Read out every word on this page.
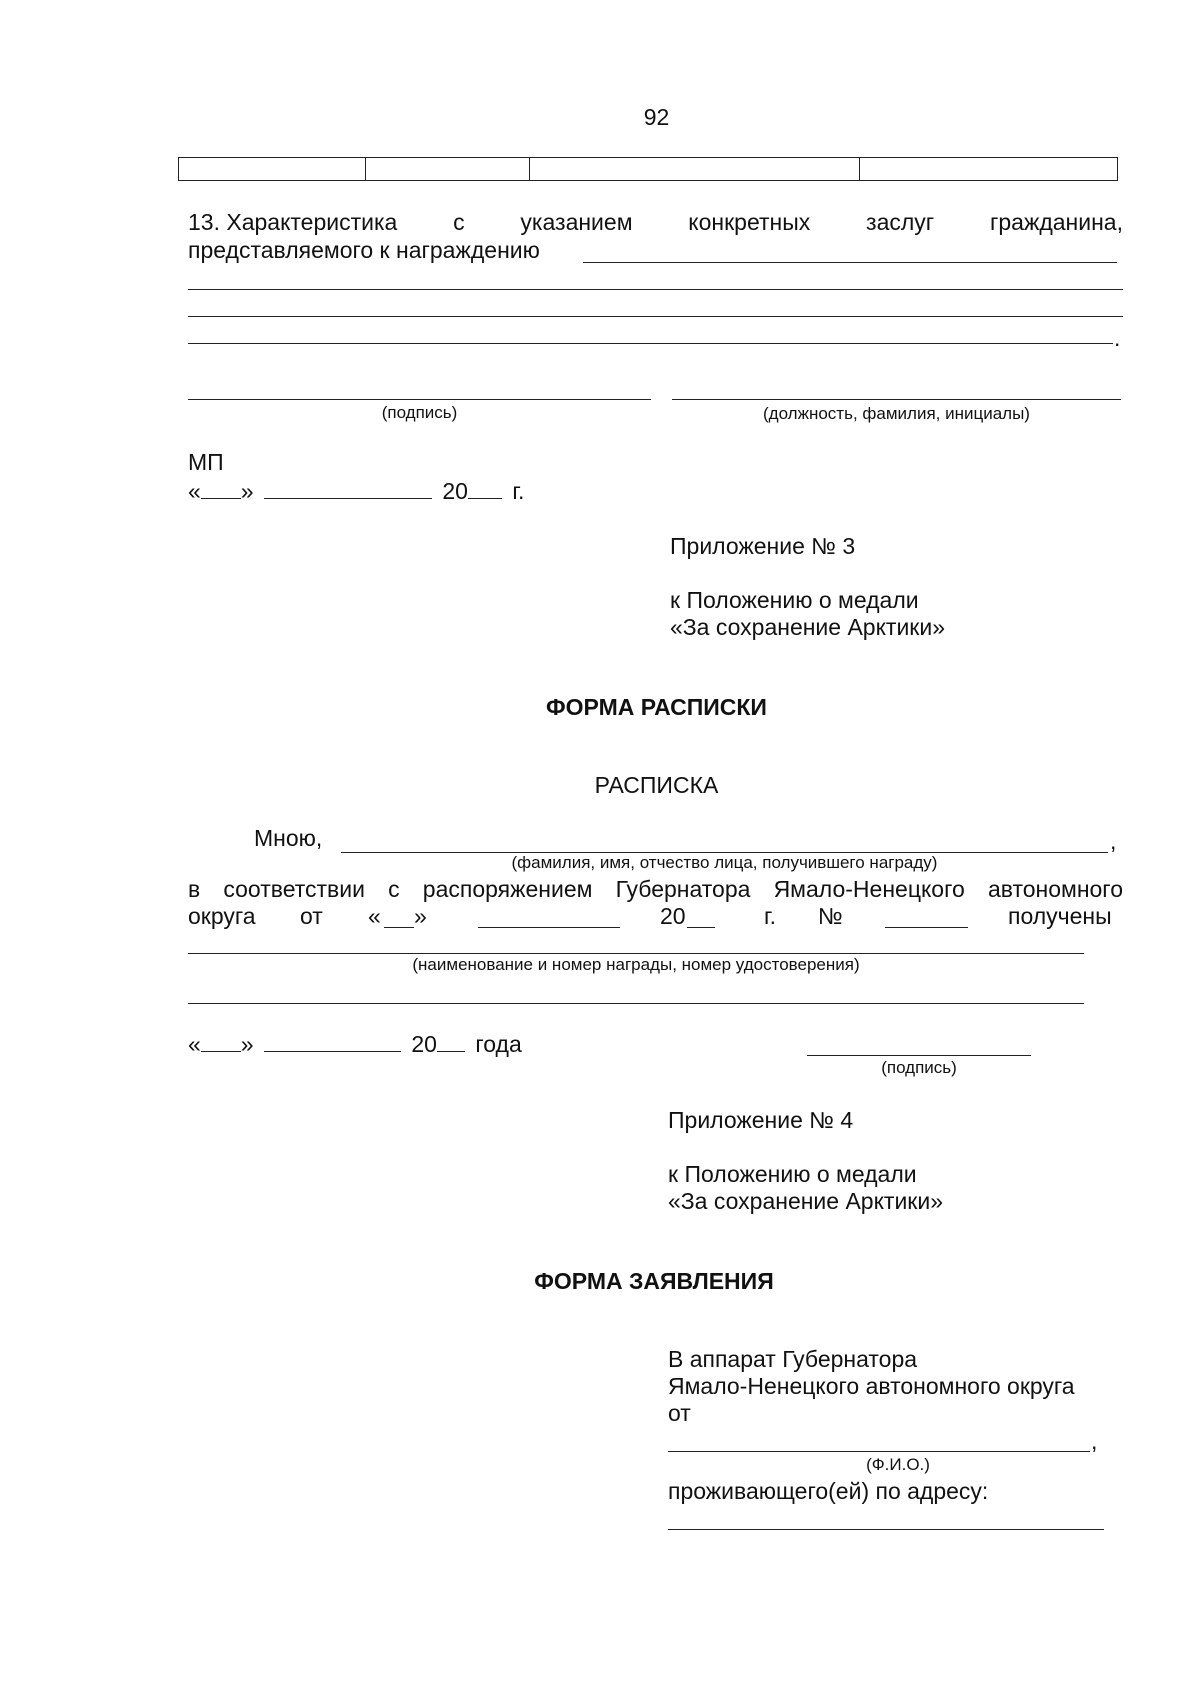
92
13. Характеристика с указанием конкретных заслуг гражданина,
представляемого к награждению
.
(подпись)	(должность, фамилия, инициалы)
МП
« »	20 г.
Приложение № 3
к Положению о медали
«За сохранение Арктики»
ФОРМА РАСПИСКИ
РАСПИСКА
Мною,	,
(фамилия, имя, отчество лица, получившего награду)
в соответствии с распоряжением Губернатора Ямало-Ненецкого автономного
округа от « »	20	г. №	получены
(наименование и номер награды, номер удостоверения)
« »	20 года
(подпись)
Приложение № 4
к Положению о медали
«За сохранение Арктики»
ФОРМА ЗАЯВЛЕНИЯ
В аппарат Губернатора
Ямало-Ненецкого автономного округа
от
,
(Ф.И.О.)
проживающего(ей) по адресу:
